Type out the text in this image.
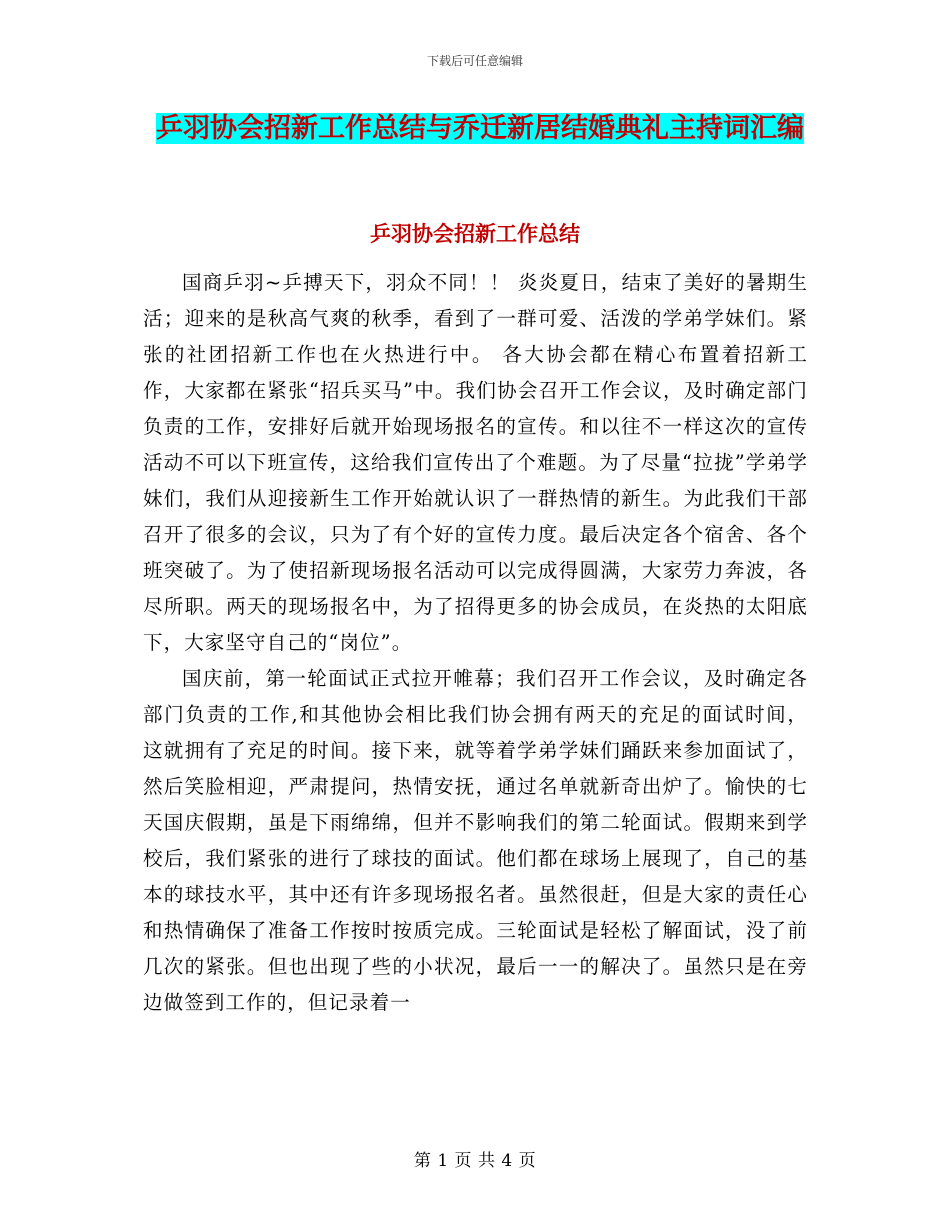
下载后可任意编辑
乒羽协会招新工作总结与乔迁新居结婚典礼主持词汇编
乒羽协会招新工作总结

国商乒羽~乒搏天下，羽众不同！！ 炎炎夏日，结束了美好的暑期生活；迎来的是秋高气爽的秋季，看到了一群可爱、活泼的学弟学妹们。紧张的社团招新工作也在火热进行中。 各大协会都在精心布置着招新工作，大家都在紧张“招兵买马”中。我们协会召开工作会议，及时确定部门负责的工作，安排好后就开始现场报名的宣传。和以往不一样这次的宣传活动不可以下班宣传，这给我们宣传出了个难题。为了尽量“拉拢”学弟学妹们，我们从迎接新生工作开始就认识了一群热情的新生。为此我们干部召开了很多的会议，只为了有个好的宣传力度。最后决定各个宿舍、各个班突破了。为了使招新现场报名活动可以完成得圆满，大家劳力奔波，各尽所职。两天的现场报名中，为了招得更多的协会成员，在炎热的太阳底下，大家坚守自己的“岗位”。

国庆前，第一轮面试正式拉开帷幕；我们召开工作会议，及时确定各部门负责的工作,和其他协会相比我们协会拥有两天的充足的面试时间，这就拥有了充足的时间。接下来，就等着学弟学妹们踊跃来参加面试了，然后笑脸相迎，严肃提问，热情安抚，通过名单就新奇出炉了。愉快的七天国庆假期，虽是下雨绵绵，但并不影响我们的第二轮面试。假期来到学校后，我们紧张的进行了球技的面试。他们都在球场上展现了，自己的基本的球技水平，其中还有许多现场报名者。虽然很赶，但是大家的责任心和热情确保了准备工作按时按质完成。三轮面试是轻松了解面试，没了前几次的紧张。但也出现了些的小状况，最后一一的解决了。虽然只是在旁边做签到工作的，但记录着一

第 1 页 共 4 页
